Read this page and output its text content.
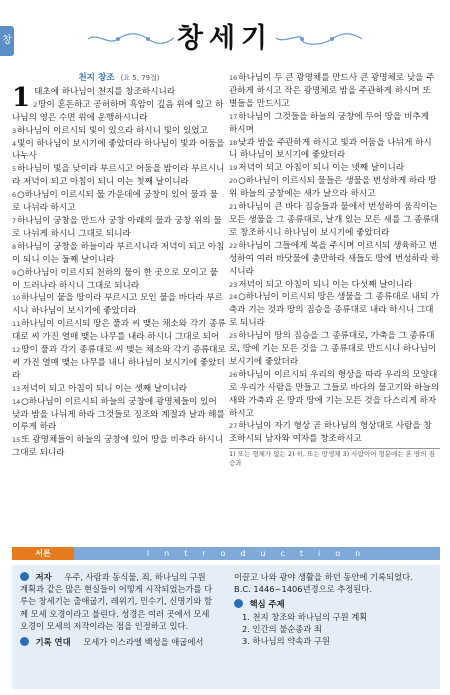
창	창세기
천지 창조 (요 5, 79절)
1 태초에 하나님이 천지를 창조하시니라

2땅이 혼돈하고 공허하며 흑암이 깊음 위에 있고 하나님의 영은 수면 위에 운행하시니라

3하나님이 이르시되 빛이 있으라 하시니 빛이 있었고

4빛이 하나님이 보시기에 좋았더라 하나님이 빛과 어둠을 나누사

5하나님이 빛을 낮이라 부르시고 어둠을 밤이라 부르시니라 저녁이 되고 아침이 되니 이는 첫째 날이니라

6○하나님이 이르시되 물 가운데에 궁창이 있어 물과 물로 나뉘라 하시고

7하나님이 궁창을 만드사 궁창 아래의 물과 궁창 위의 물로 나뉘게 하시니 그대로 되니라

8하나님이 궁창을 하늘이라 부르시니라 저녁이 되고 아침이 되니 이는 둘째 날이니라

9○하나님이 이르시되 천하의 물이 한 곳으로 모이고 뭍이 드러나라 하시니 그대로 되니라

10하나님이 뭍을 땅이라 부르시고 모인 물을 바다라 부르시니 하나님이 보시기에 좋았더라

11하나님이 이르시되 땅은 풀과 씨 맺는 채소와 각기 종류대로 씨 가진 열매 맺는 나무를 내라 하시니 그대로 되어

12땅이 풀과 각기 종류대로 씨 맺는 채소와 각기 종류대로 씨 가진 열매 맺는 나무를 내니 하나님이 보시기에 좋았더라

13저녁이 되고 아침이 되니 이는 셋째 날이니라

14○하나님이 이르시되 하늘의 궁창에 광명체들이 있어 낮과 밤을 나뉘게 하라 그것들로 징조와 계절과 날과 해를 이루게 하라

15또 광명체들이 하늘의 궁창에 있어 땅을 비추라 하시니 그대로 되니라

16하나님이 두 큰 광명체를 만드사 큰 광명체로 낮을 주관하게 하시고 작은 광명체로 밤을 주관하게 하시며 또 별들을 만드시고

17하나님이 그것들을 하늘의 궁창에 두어 땅을 비추게 하시며

18낮과 밤을 주관하게 하시고 빛과 어둠을 나뉘게 하시니 하나님이 보시기에 좋았더라

19저녁이 되고 아침이 되니 이는 넷째 날이니라

20○하나님이 이르시되 물들은 생물을 번성하게 하라 땅 위 하늘의 궁창에는 새가 날으라 하시고

21하나님이 큰 바다 짐승들과 물에서 번성하여 움직이는 모든 생물을 그 종류대로, 날개 있는 모든 새를 그 종류대로 창조하시니 하나님이 보시기에 좋았더라

22하나님이 그들에게 복을 주시며 이르시되 생육하고 번성하여 여러 바닷물에 충만하라 새들도 땅에 번성하라 하시니라

23저녁이 되고 아침이 되니 이는 다섯째 날이니라

24○하나님이 이르시되 땅은 생물을 그 종류대로 내되 가축과 기는 것과 땅의 짐승을 종류대로 내라 하시니 그대로 되니라

25하나님이 땅의 짐승을 그 종류대로, 가축을 그 종류대로, 땅에 기는 모든 것을 그 종류대로 만드시니 하나님이 보시기에 좋았더라

26하나님이 이르시되 우리의 형상을 따라 우리의 모양대로 우리가 사람을 만들고 그들로 바다의 물고기와 하늘의 새와 가축과 온 땅과 땅에 기는 모든 것을 다스리게 하자 하시고

27하나님이 자기 형상 곧 하나님의 형상대로 사람을 창조하시되 남자와 여자를 창조하시고

1) 또는 형체가 없는 2) 히, 또는 땅생체 3) 사람이어 형분에는 혼 땅의 짐승과
Introduction
서론
저자 우주, 사람과 동식물, 죄, 하나님의 구원 계획과 같은 많은 현실들이 어떻게 시작되었는가를 다루는 창세기는 출애굽기, 레위기, 민수기, 신명기와 함께 모세 오경이라고 불린다. 성경은 여러 곳에서 모세 오경이 모세의 저작이라는 점을 인정하고 있다.
기록 연대 모세가 이스라엘 백성을 애굽에서
이끌고 나와 광야 생활을 하던 동안에 기록되었다. B.C. 1446~1406년경으로 추정된다.
핵심 주제
1. 천지 창조와 하나님의 구원 계획
2. 인간의 불순종과 죄
3. 하나님의 약속과 구원
